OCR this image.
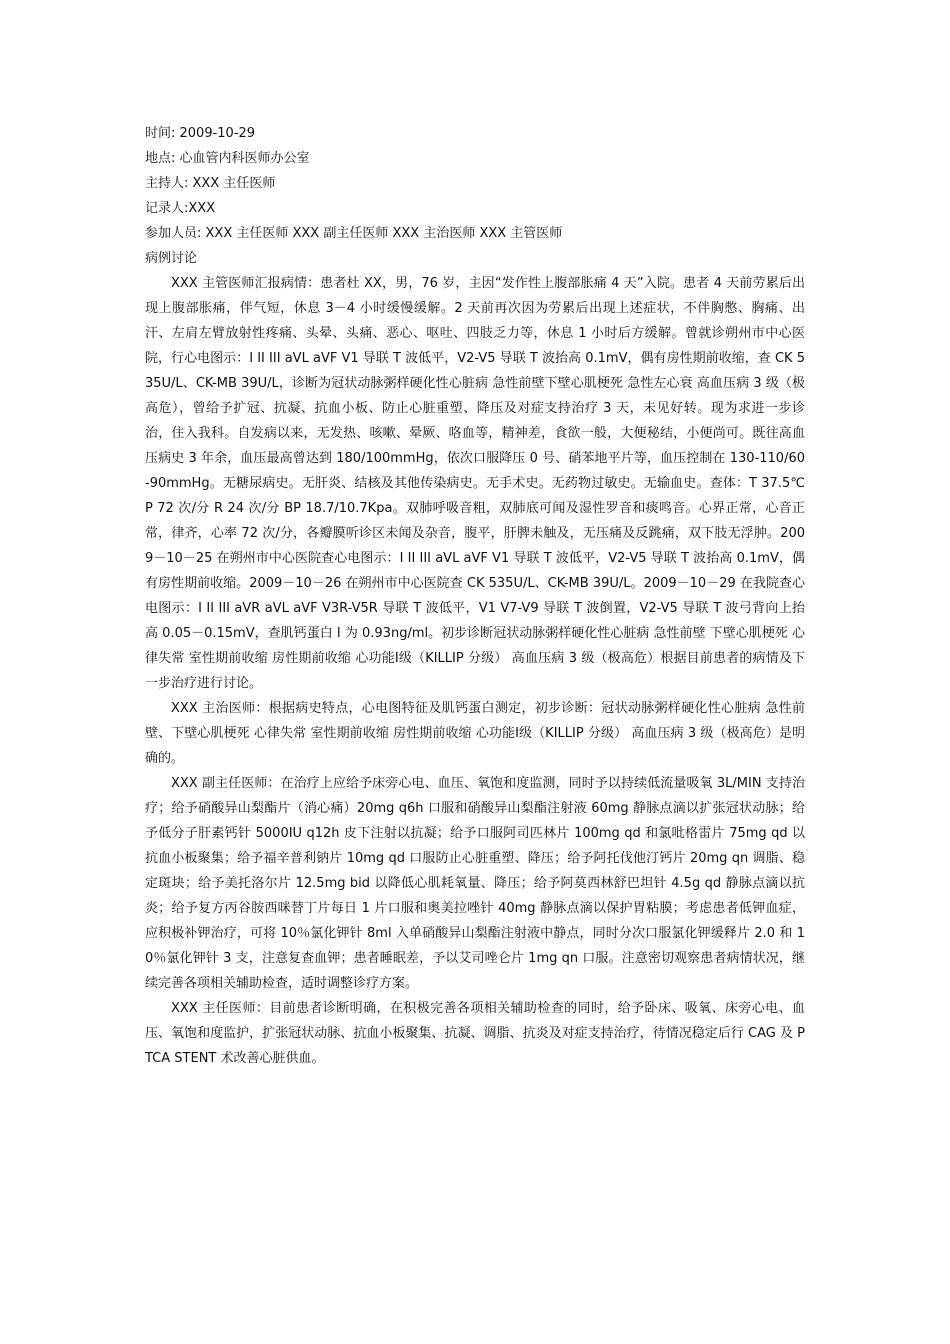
时间: 2009-10-29

地点: 心血管内科医师办公室

主持人: XXX 主任医师

记录人:XXX

参加人员: XXX 主任医师 XXX 副主任医师 XXX 主治医师 XXX 主管医师

病例讨论

XXX 主管医师汇报病情：患者杜 XX，男，76 岁，主因“发作性上腹部胀痛 4 天”入院。患者 4 天前劳累后出现上腹部胀痛，伴气短，休息 3－4 小时缓慢缓解。2 天前再次因为劳累后出现上述症状，不伴胸憋、胸痛、出汗、左肩左臂放射性疼痛、头晕、头痛、恶心、呕吐、四肢乏力等，休息 1 小时后方缓解。曾就诊朔州市中心医院，行心电图示：I II III aVL aVF V1 导联 T 波低平，V2-V5 导联 T 波抬高 0.1mV，偶有房性期前收缩，查 CK 535U/L、CK-MB 39U/L，诊断为冠状动脉粥样硬化性心脏病 急性前壁下壁心肌梗死 急性左心衰 高血压病 3 级（极高危），曾给予扩冠、抗凝、抗血小板、防止心脏重塑、降压及对症支持治疗 3 天，未见好转。现为求进一步诊治，住入我科。自发病以来，无发热、咳嗽、晕厥、咯血等，精神差，食欲一般，大便秘结，小便尚可。既往高血压病史 3 年余，血压最高曾达到 180/100mmHg，依次口服降压 0 号、硝苯地平片等，血压控制在 130-110/60-90mmHg。无糖尿病史。无肝炎、结核及其他传染病史。无手术史。无药物过敏史。无输血史。查体：T 37.5℃ P 72 次/分 R 24 次/分 BP 18.7/10.7Kpa。双肺呼吸音粗，双肺底可闻及湿性罗音和痰鸣音。心界正常，心音正常，律齐，心率 72 次/分，各瓣膜听诊区未闻及杂音，腹平，肝脾未触及，无压痛及反跳痛，双下肢无浮肿。2009－10－25 在朔州市中心医院查心电图示：I II III aVL aVF V1 导联 T 波低平，V2-V5 导联 T 波抬高 0.1mV，偶有房性期前收缩。2009－10－26 在朔州市中心医院查 CK 535U/L、CK-MB 39U/L。2009－10－29 在我院查心电图示：I II III aVR aVL aVF V3R-V5R 导联 T 波低平，V1 V7-V9 导联 T 波倒置，V2-V5 导联 T 波弓背向上抬高 0.05－0.15mV，查肌钙蛋白 I 为 0.93ng/ml。初步诊断冠状动脉粥样硬化性心脏病 急性前壁 下壁心肌梗死 心律失常 室性期前收缩 房性期前收缩 心功能Ⅰ级（KILLIP 分级） 高血压病 3 级（极高危）根据目前患者的病情及下一步治疗进行讨论。

XXX 主治医师：根据病史特点，心电图特征及肌钙蛋白测定，初步诊断：冠状动脉粥样硬化性心脏病 急性前壁、下壁心肌梗死 心律失常 室性期前收缩 房性期前收缩 心功能Ⅰ级（KILLIP 分级） 高血压病 3 级（极高危）是明确的。

XXX 副主任医师：在治疗上应给予床旁心电、血压、氧饱和度监测，同时予以持续低流量吸氧 3L/MIN 支持治疗；给予硝酸异山梨酯片（消心痛）20mg q6h 口服和硝酸异山梨酯注射液 60mg 静脉点滴以扩张冠状动脉；给予低分子肝素钙针 5000IU q12h 皮下注射以抗凝；给予口服阿司匹林片 100mg qd 和氯吡格雷片 75mg qd 以抗血小板聚集；给予福辛普利钠片 10mg qd 口服防止心脏重塑、降压；给予阿托伐他汀钙片 20mg qn 调脂、稳定斑块；给予美托洛尔片 12.5mg bid 以降低心肌耗氧量、降压；给予阿莫西林舒巴坦针 4.5g qd 静脉点滴以抗炎；给予复方丙谷胺西咪替丁片每日 1 片口服和奥美拉唑针 40mg 静脉点滴以保护胃粘膜；考虑患者低钾血症，应积极补钾治疗，可将 10％氯化钾针 8ml 入单硝酸异山梨酯注射液中静点，同时分次口服氯化钾缓释片 2.0 和 10％氯化钾针 3 支，注意复查血钾；患者睡眠差，予以艾司唑仑片 1mg qn 口服。注意密切观察患者病情状况，继续完善各项相关辅助检查，适时调整诊疗方案。

XXX 主任医师：目前患者诊断明确，在积极完善各项相关辅助检查的同时，给予卧床、吸氧、床旁心电、血压、氧饱和度监护，扩张冠状动脉、抗血小板聚集、抗凝、调脂、抗炎及对症支持治疗，待情况稳定后行 CAG 及 PTCA STENT 术改善心脏供血。
